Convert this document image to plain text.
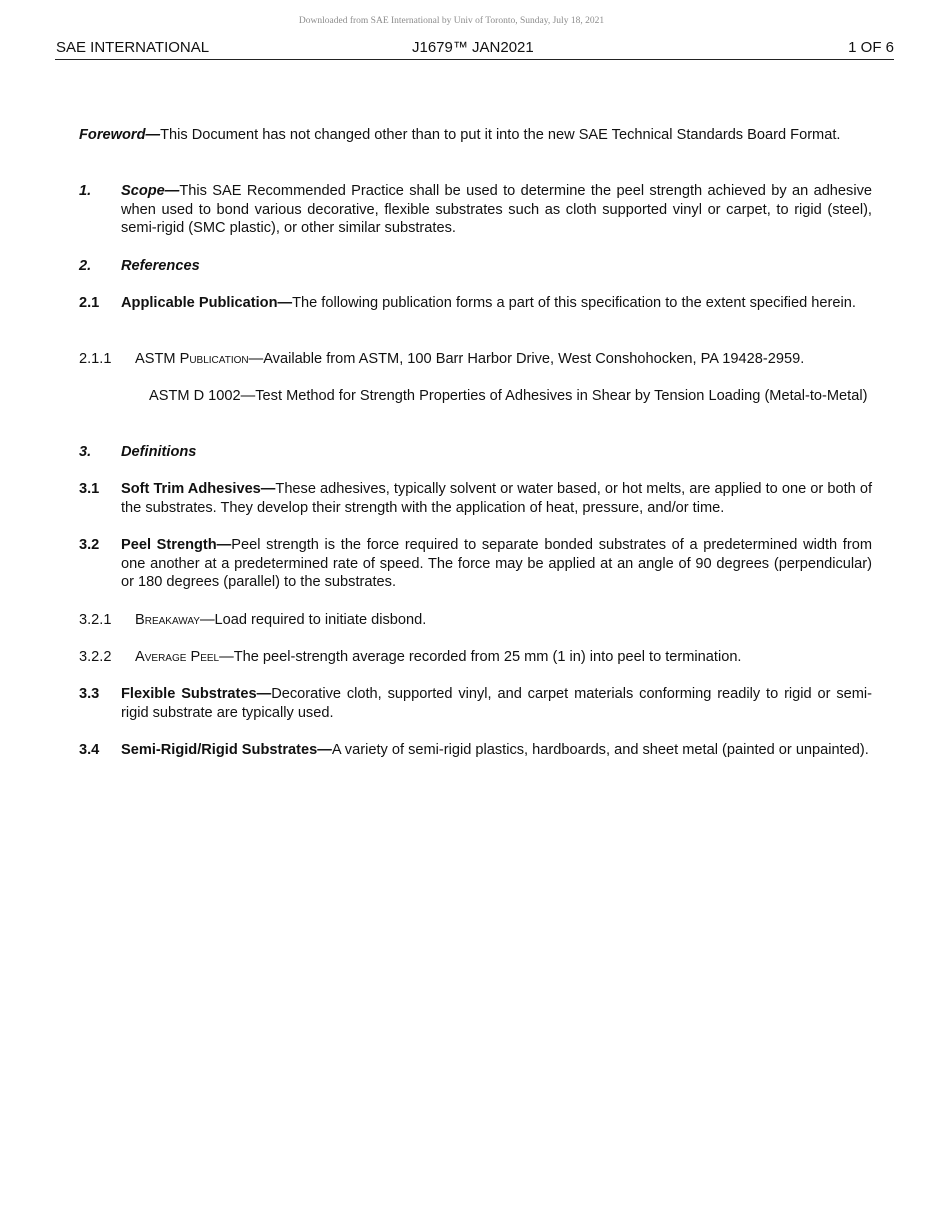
Downloaded from SAE International by Univ of Toronto, Sunday, July 18, 2021
SAE INTERNATIONAL	J1679™ JAN2021	1 OF 6

Foreword—This Document has not changed other than to put it into the new SAE Technical Standards Board Format.

1. Scope—This SAE Recommended Practice shall be used to determine the peel strength achieved by an adhesive when used to bond various decorative, flexible substrates such as cloth supported vinyl or carpet, to rigid (steel), semi-rigid (SMC plastic), or other similar substrates.

2. References

2.1 Applicable Publication—The following publication forms a part of this specification to the extent specified herein.

2.1.1 ASTM Publication—Available from ASTM, 100 Barr Harbor Drive, West Conshohocken, PA 19428-2959.

ASTM D 1002—Test Method for Strength Properties of Adhesives in Shear by Tension Loading (Metal-to-Metal)

3. Definitions

3.1 Soft Trim Adhesives—These adhesives, typically solvent or water based, or hot melts, are applied to one or both of the substrates. They develop their strength with the application of heat, pressure, and/or time.

3.2 Peel Strength—Peel strength is the force required to separate bonded substrates of a predetermined width from one another at a predetermined rate of speed. The force may be applied at an angle of 90 degrees (perpendicular) or 180 degrees (parallel) to the substrates.

3.2.1 Breakaway—Load required to initiate disbond.

3.2.2 Average Peel—The peel-strength average recorded from 25 mm (1 in) into peel to termination.

3.3 Flexible Substrates—Decorative cloth, supported vinyl, and carpet materials conforming readily to rigid or semi-rigid substrate are typically used.

3.4 Semi-Rigid/Rigid Substrates—A variety of semi-rigid plastics, hardboards, and sheet metal (painted or unpainted).
